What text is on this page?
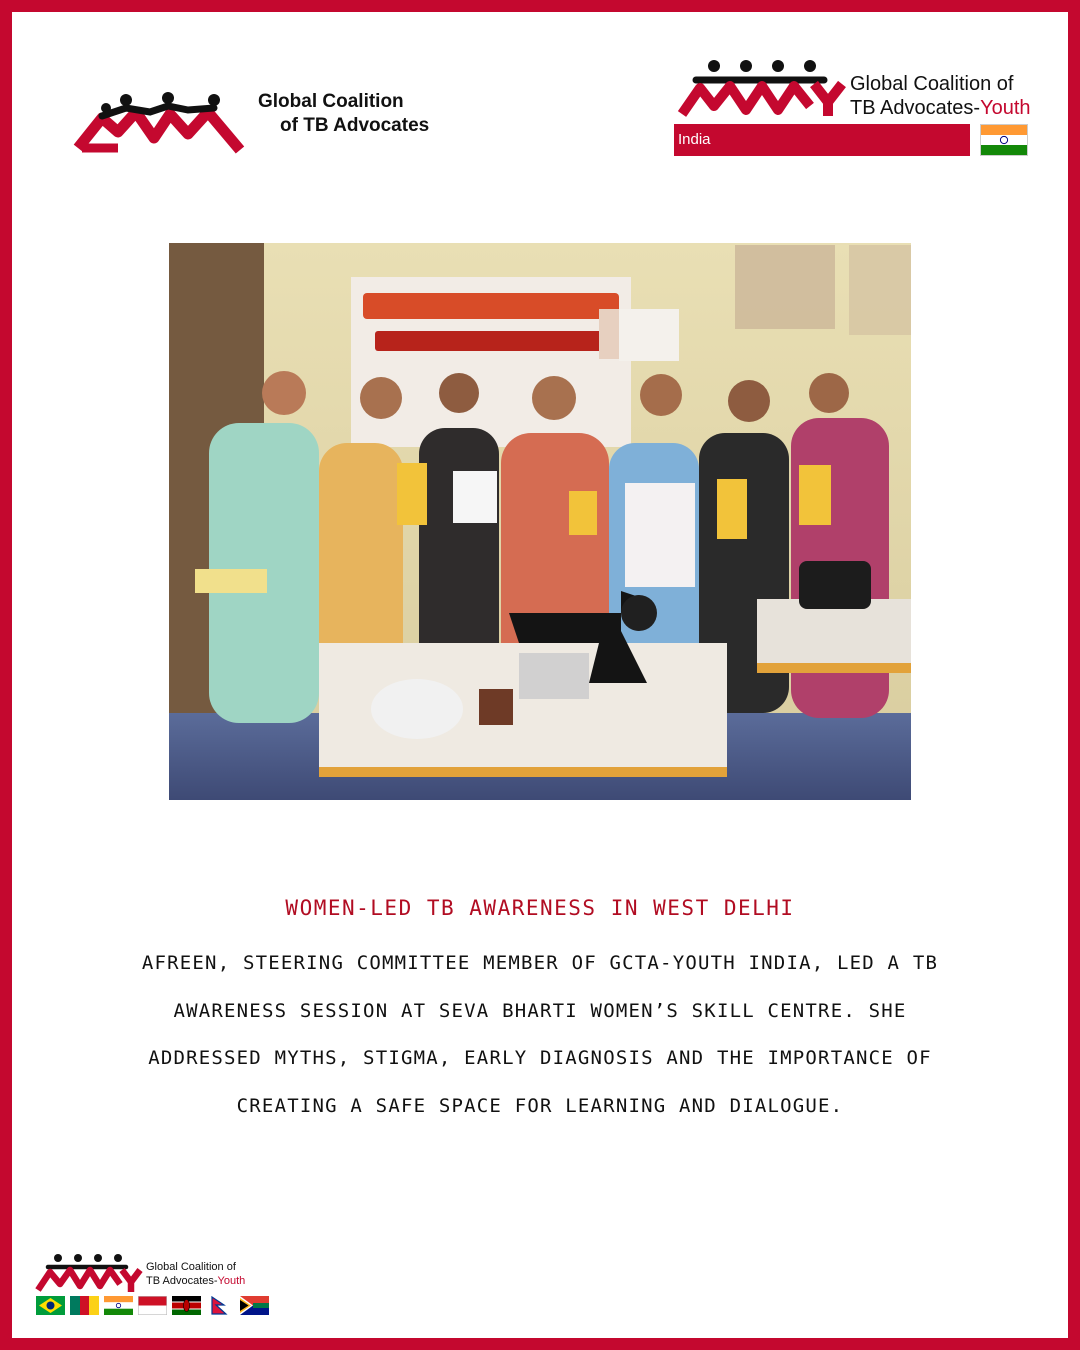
Global Coalition
of TB Advocates
Global Coalition of
TB Advocates-Youth
India
WOMEN-LED TB AWARENESS IN WEST DELHI
AFREEN, STEERING COMMITTEE MEMBER OF GCTA-YOUTH INDIA, LED A TB AWARENESS SESSION AT SEVA BHARTI WOMEN’S SKILL CENTRE. SHE ADDRESSED MYTHS, STIGMA, EARLY DIAGNOSIS AND THE IMPORTANCE OF CREATING A SAFE SPACE FOR LEARNING AND DIALOGUE.
Global Coalition of
TB Advocates-Youth
